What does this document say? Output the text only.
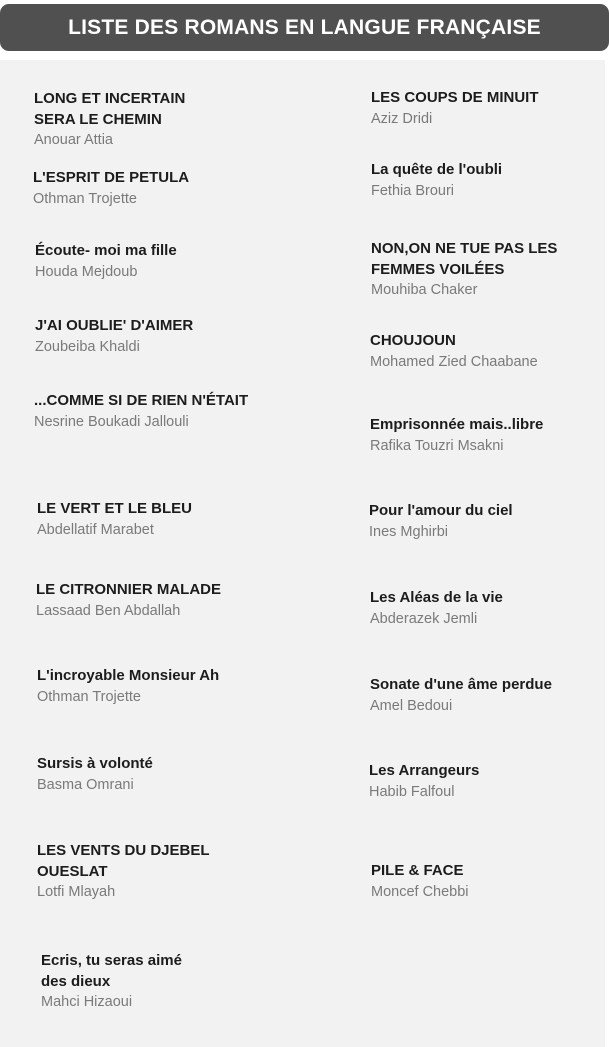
LISTE DES ROMANS EN LANGUE FRANÇAISE
LONG ET INCERTAIN SERA LE CHEMIN
Anouar Attia
L'ESPRIT DE PETULA
Othman Trojette
Écoute- moi ma fille
Houda Mejdoub
J'AI OUBLIE' D'AIMER
Zoubeiba Khaldi
...COMME SI DE RIEN N'ÉTAIT
Nesrine Boukadi Jallouli
LE VERT ET LE BLEU
Abdellatif Marabet
LE CITRONNIER MALADE
Lassaad Ben Abdallah
L'incroyable Monsieur Ah
Othman Trojette
Sursis à volonté
Basma Omrani
LES VENTS DU DJEBEL OUESLAT
Lotfi Mlayah
Ecris, tu seras aimé des dieux
Mahci Hizaoui
LES COUPS DE MINUIT
Aziz Dridi
La quête de l'oubli
Fethia Brouri
NON,ON NE TUE PAS LES FEMMES VOILÉES
Mouhiba Chaker
CHOUJOUN
Mohamed Zied Chaabane
Emprisonnée mais..libre
Rafika Touzri Msakni
Pour l'amour du ciel
Ines Mghirbi
Les Aléas de la vie
Abderazek Jemli
Sonate d'une âme perdue
Amel Bedoui
Les Arrangeurs
Habib Falfoul
PILE & FACE
Moncef Chebbi
